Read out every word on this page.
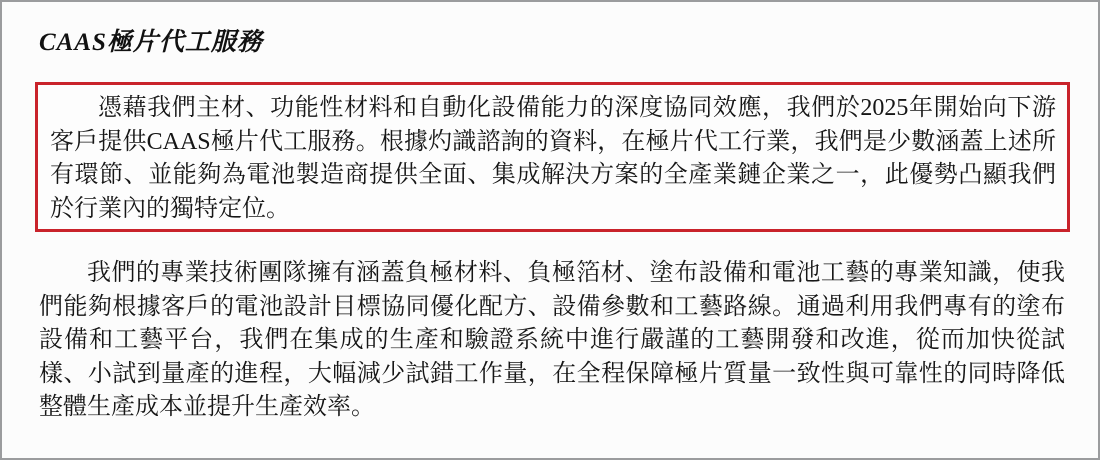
CAAS極片代工服務

憑藉我們主材、功能性材料和自動化設備能力的深度協同效應，我們於2025年開始向下游客戶提供CAAS極片代工服務。根據灼識諮詢的資料，在極片代工行業，我們是少數涵蓋上述所有環節、並能夠為電池製造商提供全面、集成解決方案的全產業鏈企業之一，此優勢凸顯我們於行業內的獨特定位。

我們的專業技術團隊擁有涵蓋負極材料、負極箔材、塗布設備和電池工藝的專業知識，使我們能夠根據客戶的電池設計目標協同優化配方、設備參數和工藝路線。通過利用我們專有的塗布設備和工藝平台，我們在集成的生產和驗證系統中進行嚴謹的工藝開發和改進，從而加快從試樣、小試到量產的進程，大幅減少試錯工作量，在全程保障極片質量一致性與可靠性的同時降低整體生產成本並提升生產效率。
